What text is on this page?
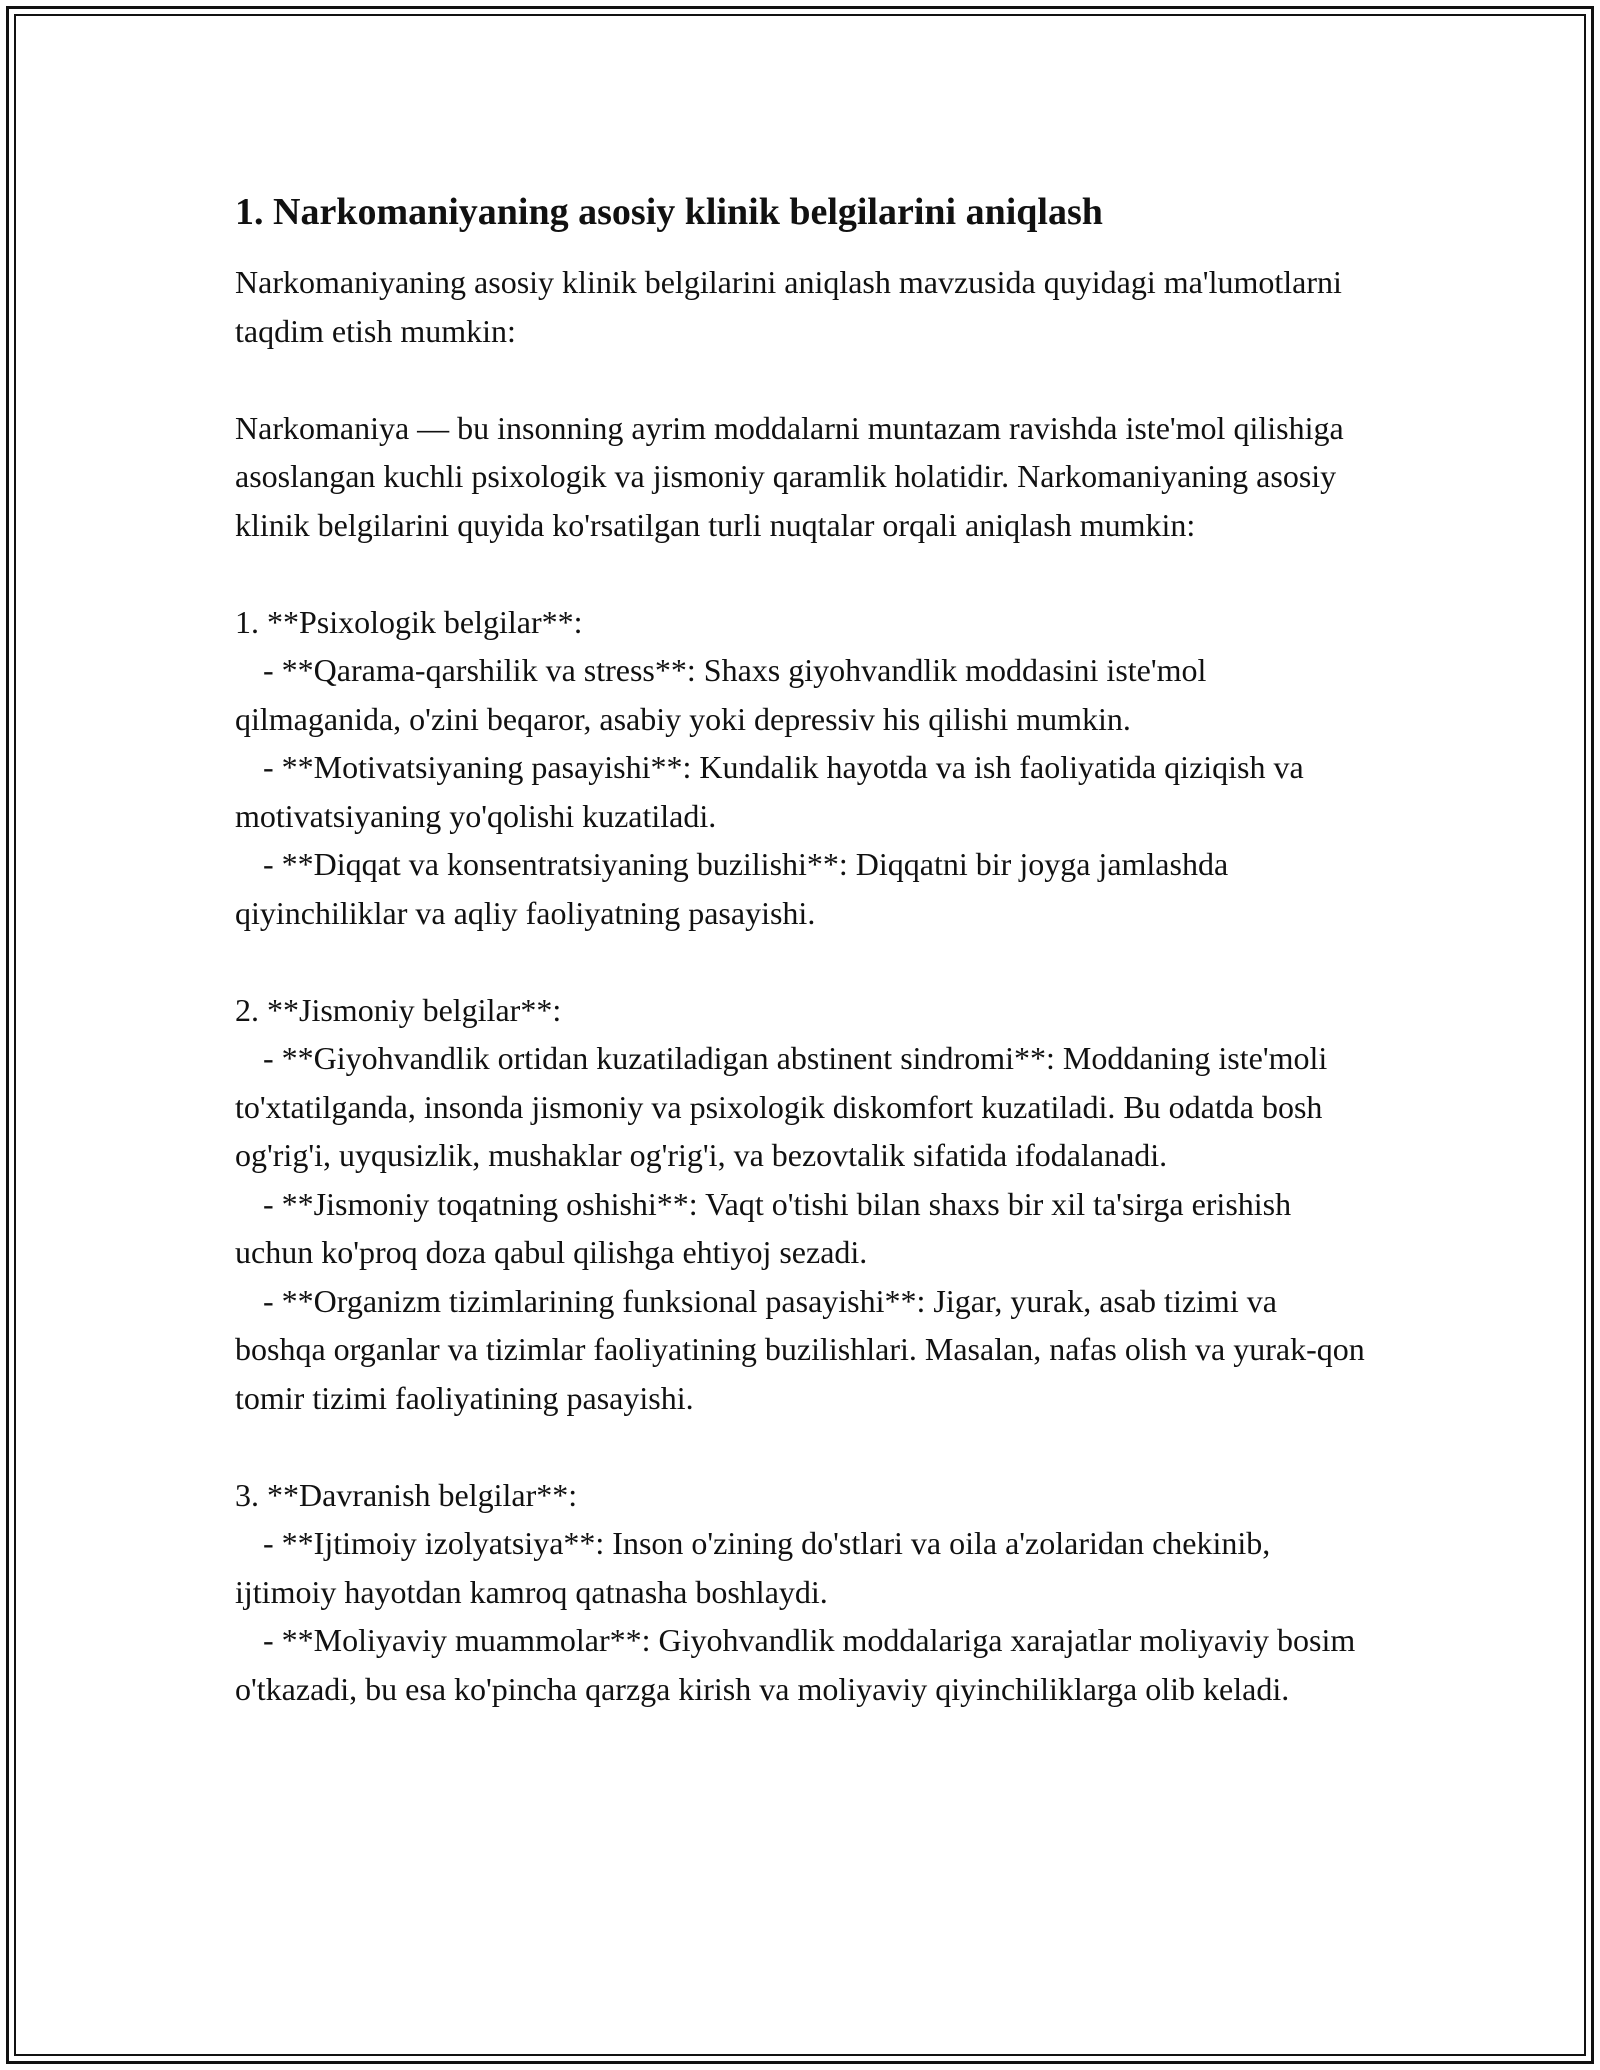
1. Narkomaniyaning asosiy klinik belgilarini aniqlash

Narkomaniyaning asosiy klinik belgilarini aniqlash mavzusida quyidagi ma'lumotlarni taqdim etish mumkin:

Narkomaniya — bu insonning ayrim moddalarni muntazam ravishda iste'mol qilishiga asoslangan kuchli psixologik va jismoniy qaramlik holatidir. Narkomaniyaning asosiy klinik belgilarini quyida ko'rsatilgan turli nuqtalar orqali aniqlash mumkin:

1. **Psixologik belgilar**:

- **Qarama-qarshilik va stress**: Shaxs giyohvandlik moddasini iste'mol qilmaganida, o'zini beqaror, asabiy yoki depressiv his qilishi mumkin.

- **Motivatsiyaning pasayishi**: Kundalik hayotda va ish faoliyatida qiziqish va motivatsiyaning yo'qolishi kuzatiladi.

- **Diqqat va konsentratsiyaning buzilishi**: Diqqatni bir joyga jamlashda qiyinchiliklar va aqliy faoliyatning pasayishi.

2. **Jismoniy belgilar**:

- **Giyohvandlik ortidan kuzatiladigan abstinent sindromi**: Moddaning iste'moli to'xtatilganda, insonda jismoniy va psixologik diskomfort kuzatiladi. Bu odatda bosh og'rig'i, uyqusizlik, mushaklar og'rig'i, va bezovtalik sifatida ifodalanadi.

- **Jismoniy toqatning oshishi**: Vaqt o'tishi bilan shaxs bir xil ta'sirga erishish uchun ko'proq doza qabul qilishga ehtiyoj sezadi.

- **Organizm tizimlarining funksional pasayishi**: Jigar, yurak, asab tizimi va boshqa organlar va tizimlar faoliyatining buzilishlari. Masalan, nafas olish va yurak-qon tomir tizimi faoliyatining pasayishi.

3. **Davranish belgilar**:

- **Ijtimoiy izolyatsiya**: Inson o'zining do'stlari va oila a'zolaridan chekinib, ijtimoiy hayotdan kamroq qatnasha boshlaydi.

- **Moliyaviy muammolar**: Giyohvandlik moddalariga xarajatlar moliyaviy bosim o'tkazadi, bu esa ko'pincha qarzga kirish va moliyaviy qiyinchiliklarga olib keladi.
